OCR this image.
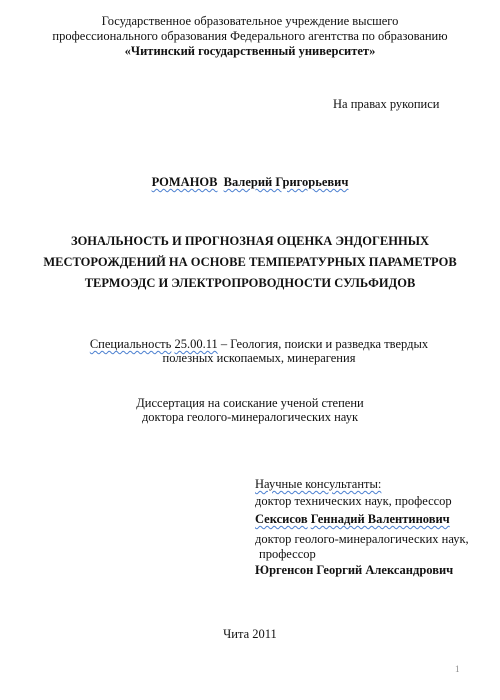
Государственное образовательное учреждение высшего
профессионального образования Федерального агентства по образованию
«Читинский государственный университет»
На правах рукописи
РОМАНОВ Валерий Григорьевич
ЗОНАЛЬНОСТЬ И ПРОГНОЗНАЯ ОЦЕНКА ЭНДОГЕННЫХ
МЕСТОРОЖДЕНИЙ НА ОСНОВЕ ТЕМПЕРАТУРНЫХ ПАРАМЕТРОВ
ТЕРМОЭДС И ЭЛЕКТРОПРОВОДНОСТИ СУЛЬФИДОВ
Специальность 25.00.11 – Геология, поиски и разведка твердых
полезных ископаемых, минерагения
Диссертация на соискание ученой степени
доктора геолого-минералогических наук
Научные консультанты:
доктор технических наук, профессор
Сексисов Геннадий Валентинович
доктор геолого-минералогических наук,
профессор
Юргенсон Георгий Александрович
Чита 2011
1
